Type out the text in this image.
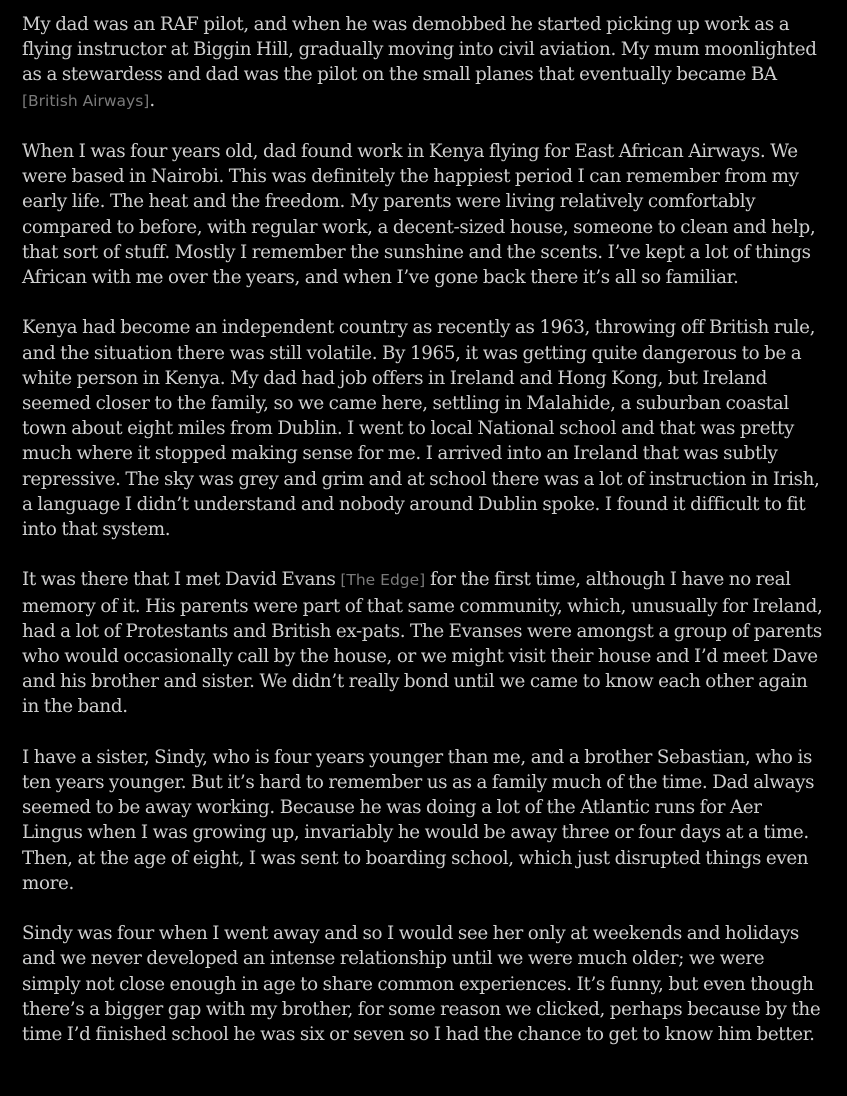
My dad was an RAF pilot, and when he was demobbed he started picking up work as a flying instructor at Biggin Hill, gradually moving into civil aviation. My mum moonlighted as a stewardess and dad was the pilot on the small planes that eventually became BA [British Airways].

When I was four years old, dad found work in Kenya flying for East African Airways. We were based in Nairobi. This was definitely the happiest period I can remember from my early life. The heat and the freedom. My parents were living relatively comfortably compared to before, with regular work, a decent-sized house, someone to clean and help, that sort of stuff. Mostly I remember the sunshine and the scents. I’ve kept a lot of things African with me over the years, and when I’ve gone back there it’s all so familiar.

Kenya had become an independent country as recently as 1963, throwing off British rule, and the situation there was still volatile. By 1965, it was getting quite dangerous to be a white person in Kenya. My dad had job offers in Ireland and Hong Kong, but Ireland seemed closer to the family, so we came here, settling in Malahide, a suburban coastal town about eight miles from Dublin. I went to local National school and that was pretty much where it stopped making sense for me. I arrived into an Ireland that was subtly repressive. The sky was grey and grim and at school there was a lot of instruction in Irish, a language I didn’t understand and nobody around Dublin spoke. I found it difficult to fit into that system.

It was there that I met David Evans [The Edge] for the first time, although I have no real memory of it. His parents were part of that same community, which, unusually for Ireland, had a lot of Protestants and British ex-pats. The Evanses were amongst a group of parents who would occasionally call by the house, or we might visit their house and I’d meet Dave and his brother and sister. We didn’t really bond until we came to know each other again in the band.

I have a sister, Sindy, who is four years younger than me, and a brother Sebastian, who is ten years younger. But it’s hard to remember us as a family much of the time. Dad always seemed to be away working. Because he was doing a lot of the Atlantic runs for Aer Lingus when I was growing up, invariably he would be away three or four days at a time. Then, at the age of eight, I was sent to boarding school, which just disrupted things even more.

Sindy was four when I went away and so I would see her only at weekends and holidays and we never developed an intense relationship until we were much older; we were simply not close enough in age to share common experiences. It’s funny, but even though there’s a bigger gap with my brother, for some reason we clicked, perhaps because by the time I’d finished school he was six or seven so I had the chance to get to know him better.
